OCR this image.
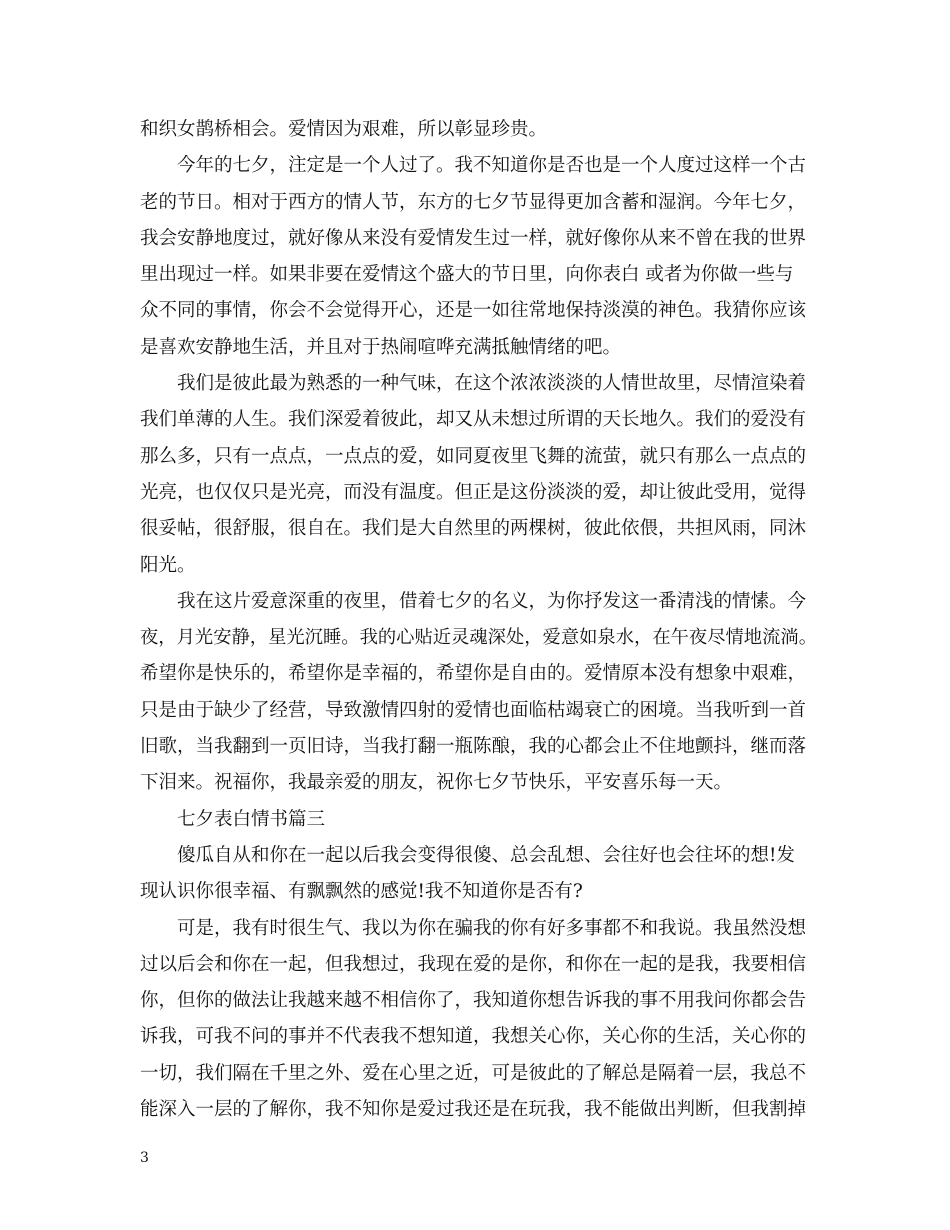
和织女鹊桥相会。爱情因为艰难，所以彰显珍贵。
今年的七夕，注定是一个人过了。我不知道你是否也是一个人度过这样一个古
老的节日。相对于西方的情人节，东方的七夕节显得更加含蓄和湿润。今年七夕，
我会安静地度过，就好像从来没有爱情发生过一样，就好像你从来不曾在我的世界
里出现过一样。如果非要在爱情这个盛大的节日里，向你表白 或者为你做一些与
众不同的事情，你会不会觉得开心，还是一如往常地保持淡漠的神色。我猜你应该
是喜欢安静地生活，并且对于热闹喧哗充满抵触情绪的吧。
我们是彼此最为熟悉的一种气味，在这个浓浓淡淡的人情世故里，尽情渲染着
我们单薄的人生。我们深爱着彼此，却又从未想过所谓的天长地久。我们的爱没有
那么多，只有一点点，一点点的爱，如同夏夜里飞舞的流萤，就只有那么一点点的
光亮，也仅仅只是光亮，而没有温度。但正是这份淡淡的爱，却让彼此受用，觉得
很妥帖，很舒服，很自在。我们是大自然里的两棵树，彼此依偎，共担风雨，同沐
阳光。
我在这片爱意深重的夜里，借着七夕的名义，为你抒发这一番清浅的情愫。今
夜，月光安静，星光沉睡。我的心贴近灵魂深处，爱意如泉水，在午夜尽情地流淌。
希望你是快乐的，希望你是幸福的，希望你是自由的。爱情原本没有想象中艰难，
只是由于缺少了经营，导致激情四射的爱情也面临枯竭衰亡的困境。当我听到一首
旧歌，当我翻到一页旧诗，当我打翻一瓶陈酿，我的心都会止不住地颤抖，继而落
下泪来。祝福你，我最亲爱的朋友，祝你七夕节快乐，平安喜乐每一天。
七夕表白情书篇三
傻瓜自从和你在一起以后我会变得很傻、总会乱想、会往好也会往坏的想!发
现认识你很幸福、有飘飘然的感觉!我不知道你是否有?
可是，我有时很生气、我以为你在骗我的你有好多事都不和我说。我虽然没想
过以后会和你在一起，但我想过，我现在爱的是你，和你在一起的是我，我要相信
你，但你的做法让我越来越不相信你了，我知道你想告诉我的事不用我问你都会告
诉我，可我不问的事并不代表我不想知道，我想关心你，关心你的生活，关心你的
一切，我们隔在千里之外、爱在心里之近，可是彼此的了解总是隔着一层，我总不
能深入一层的了解你，我不知你是爱过我还是在玩我，我不能做出判断，但我割掉
3
